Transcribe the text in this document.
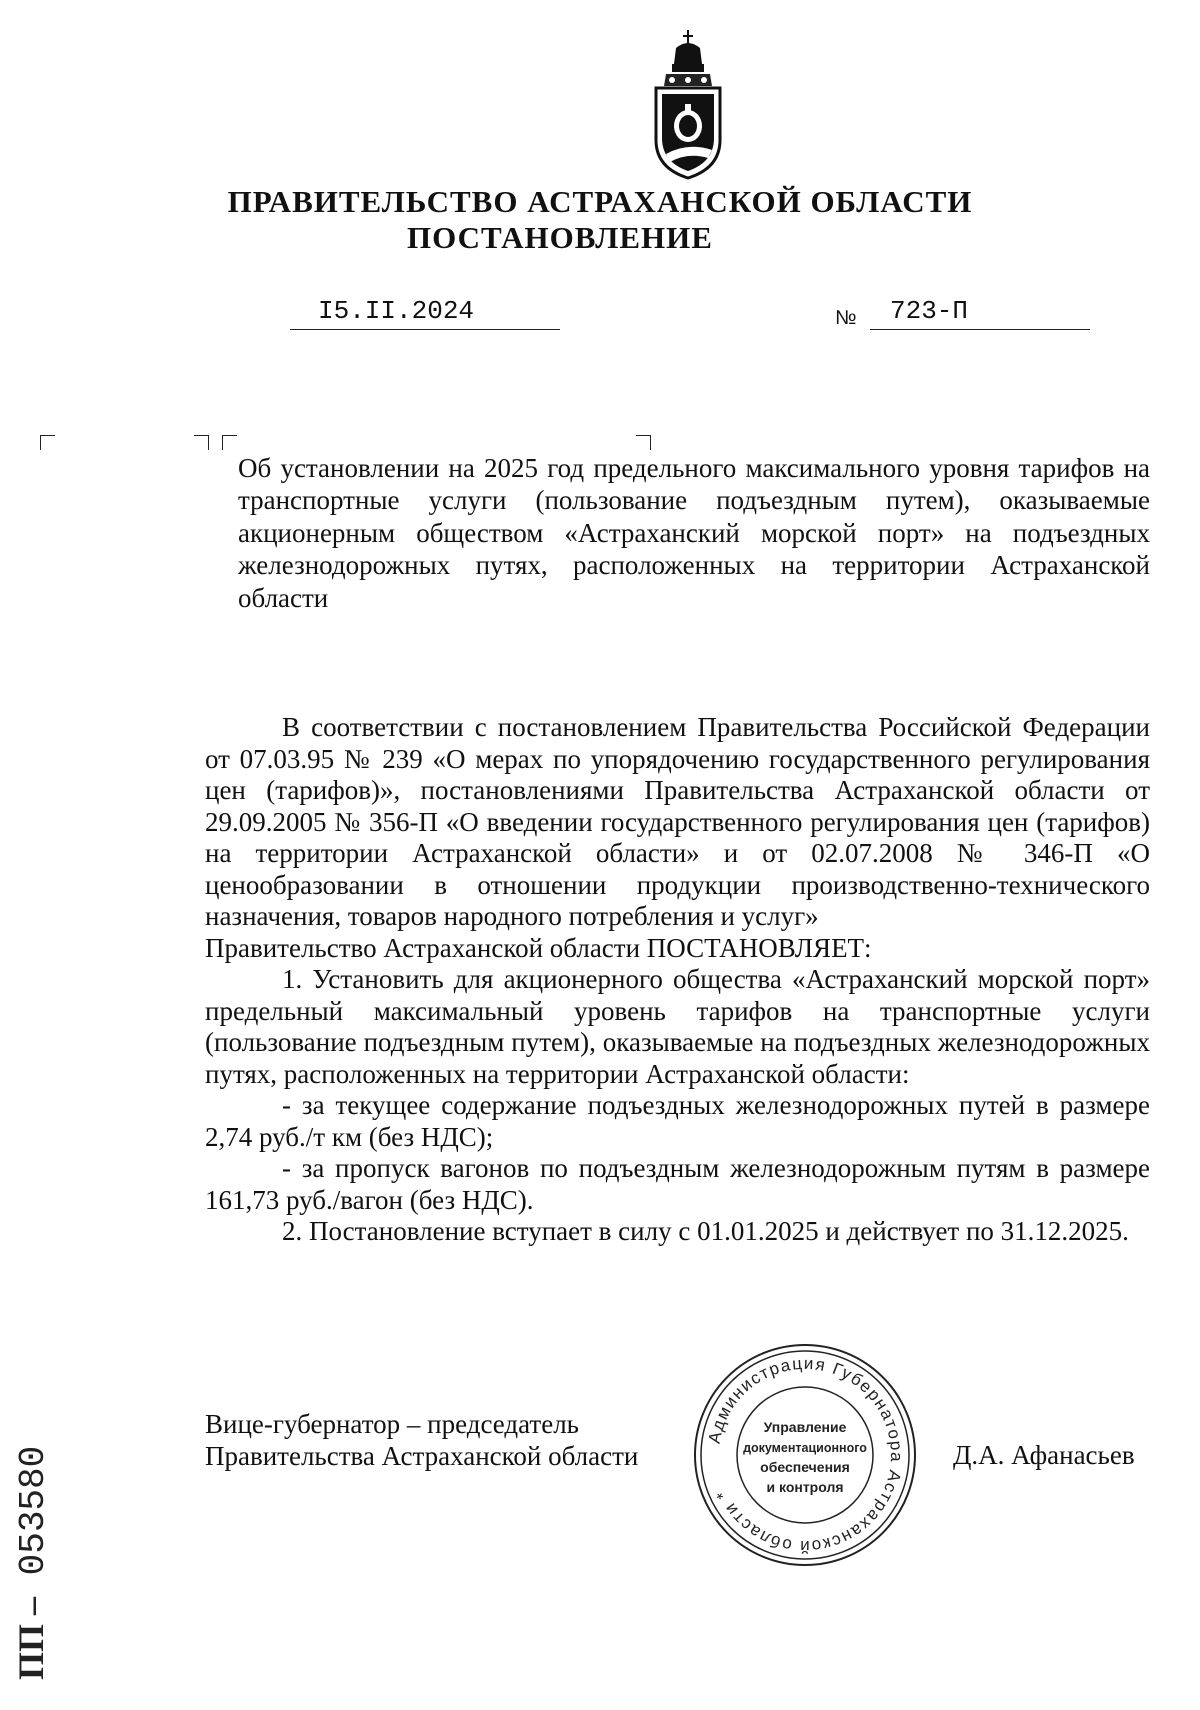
ПРАВИТЕЛЬСТВО АСТРАХАНСКОЙ ОБЛАСТИ
ПОСТАНОВЛЕНИЕ
I5.II.2024	№	723-П
Об установлении на 2025 год предельного максимального уровня тарифов на транспортные услуги (пользование подъездным путем), оказываемые акционерным обществом «Астраханский морской порт» на подъездных железнодорожных путях, расположенных на территории Астраханской области

В соответствии с постановлением Правительства Российской Федерации от 07.03.95 № 239 «О мерах по упорядочению государственного регулирования цен (тарифов)», постановлениями Правительства Астраханской области от 29.09.2005 № 356-П «О введении государственного регулирования цен (тарифов) на территории Астраханской области» и от 02.07.2008 № 346-П «О ценообразовании в отношении продукции производственно-технического назначения, товаров народного потребления и услуг»

Правительство Астраханской области ПОСТАНОВЛЯЕТ:

1. Установить для акционерного общества «Астраханский морской порт» предельный максимальный уровень тарифов на транспортные услуги (пользование подъездным путем), оказываемые на подъездных железнодорожных путях, расположенных на территории Астраханской области:

- за текущее содержание подъездных железнодорожных путей в размере 2,74 руб./т км (без НДС);

- за пропуск вагонов по подъездным железнодорожным путям в размере 161,73 руб./вагон (без НДС).

2. Постановление вступает в силу с 01.01.2025 и действует по 31.12.2025.

Вице-губернатор – председатель
Правительства Астраханской области	Д.А. Афанасьев
Администрация Губернатора Астраханской области *
Управление
документационного
обеспечения
и контроля
ПП – 053580
